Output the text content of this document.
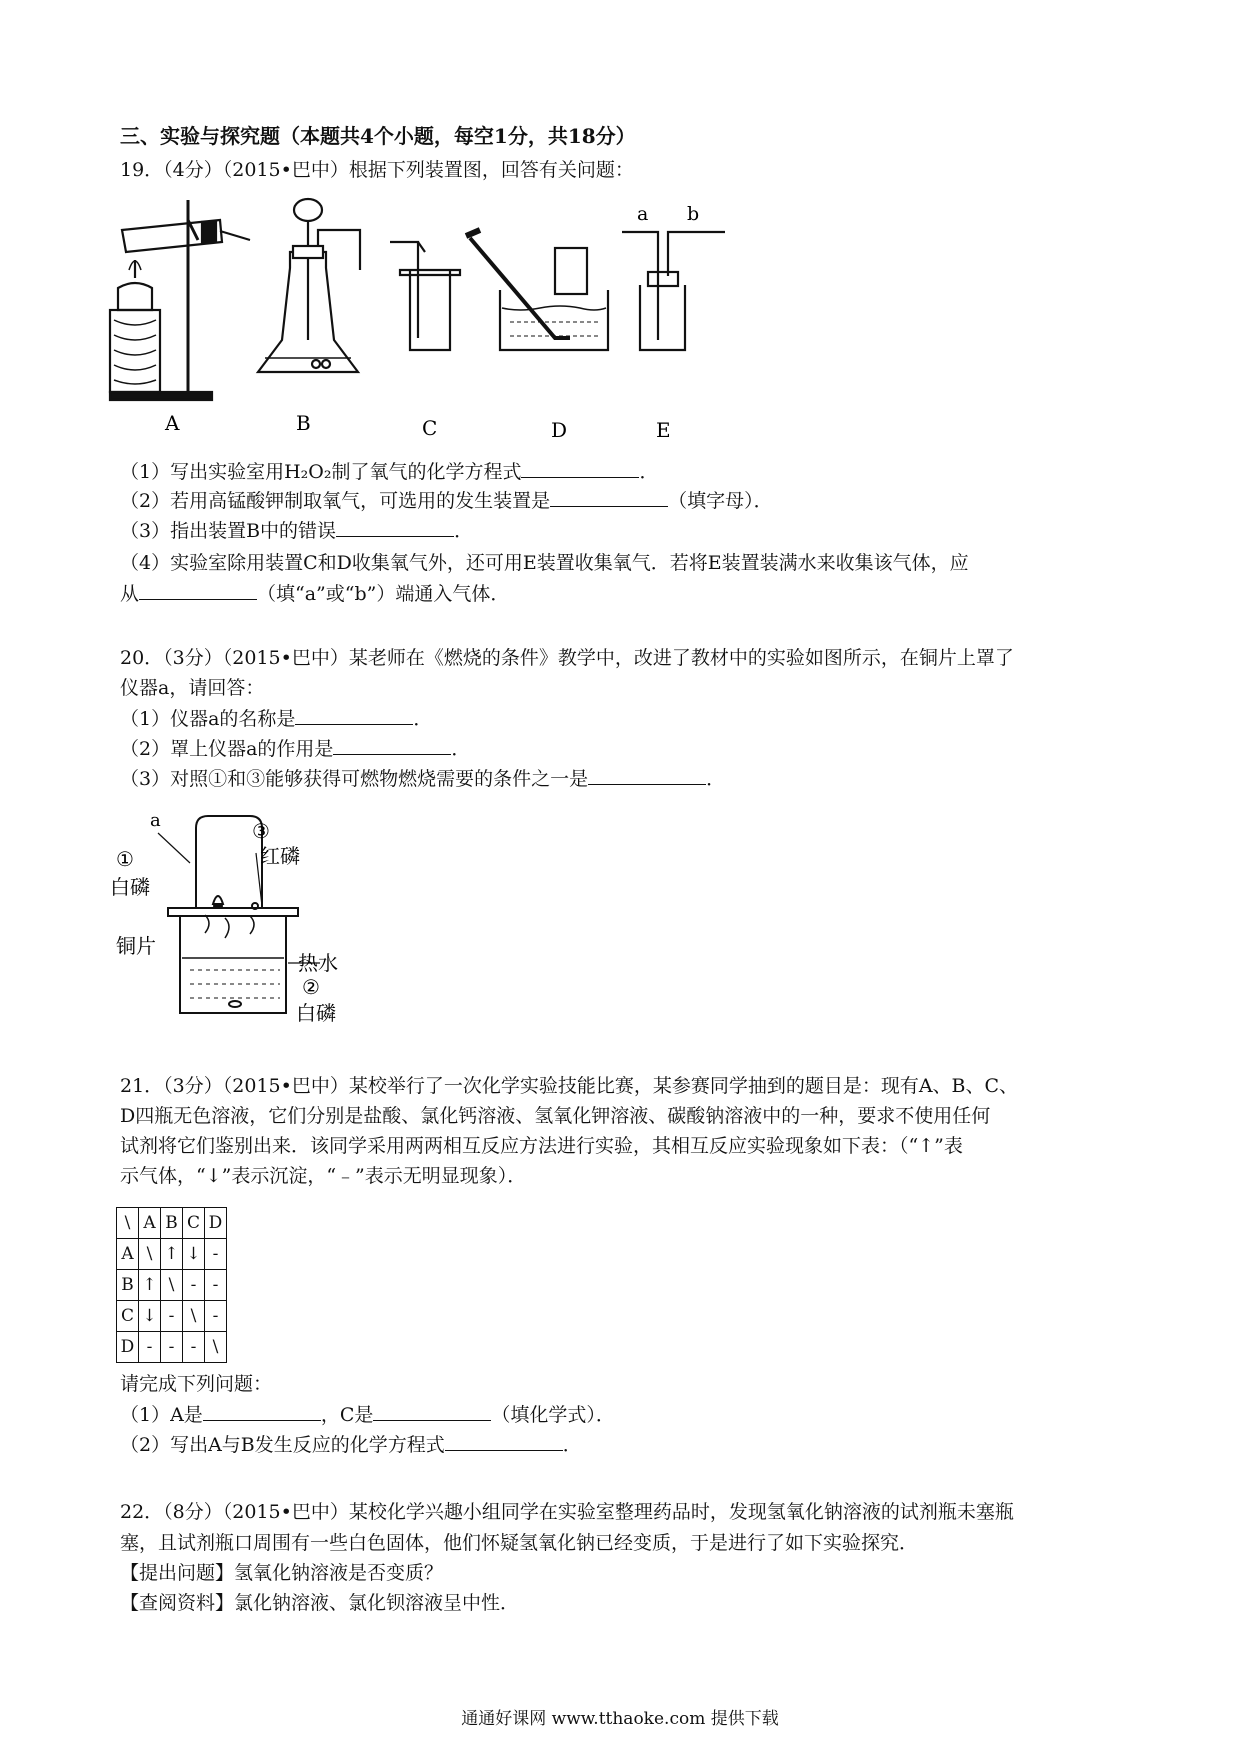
三、实验与探究题（本题共4个小题，每空1分，共18分）
19．（4分）（2015•巴中）根据下列装置图，回答有关问题：
a b
A	B	C	D	E
（1）写出实验室用H₂O₂制了氧气的化学方程式	．
（2）若用高锰酸钾制取氧气，可选用的发生装置是	（填字母）．
（3）指出装置B中的错误	．
（4）实验室除用装置C和D收集氧气外，还可用E装置收集氧气．若将E装置装满水来收集该气体，应
从	（填“a”或“b”）端通入气体．
20．（3分）（2015•巴中）某老师在《燃烧的条件》教学中，改进了教材中的实验如图所示，在铜片上罩了
仪器a，请回答：
（1）仪器a的名称是	．
（2）罩上仪器a的作用是	．
（3）对照①和③能够获得可燃物燃烧需要的条件之一是	．
a
①
白磷
铜片
③
红磷
热水
②
白磷
21．（3分）（2015•巴中）某校举行了一次化学实验技能比赛，某参赛同学抽到的题目是：现有A、B、C、
D四瓶无色溶液，它们分别是盐酸、氯化钙溶液、氢氧化钾溶液、碳酸钠溶液中的一种，要求不使用任何
试剂将它们鉴别出来．该同学采用两两相互反应方法进行实验，其相互反应实验现象如下表：（“↑”表
示气体，“↓”表示沉淀，“﹣”表示无明显现象）．
\	A	B	C	D
A	\	↑	↓	-
B	↑	\	-	-
C	↓	-	\	-
D	-	-	-	\
请完成下列问题：
（1）A是	，C是	（填化学式）．
（2）写出A与B发生反应的化学方程式	．
22．（8分）（2015•巴中）某校化学兴趣小组同学在实验室整理药品时，发现氢氧化钠溶液的试剂瓶未塞瓶
塞，且试剂瓶口周围有一些白色固体，他们怀疑氢氧化钠已经变质，于是进行了如下实验探究．
【提出问题】氢氧化钠溶液是否变质？
【查阅资料】氯化钠溶液、氯化钡溶液呈中性．
通通好课网 www.tthaoke.com 提供下载
